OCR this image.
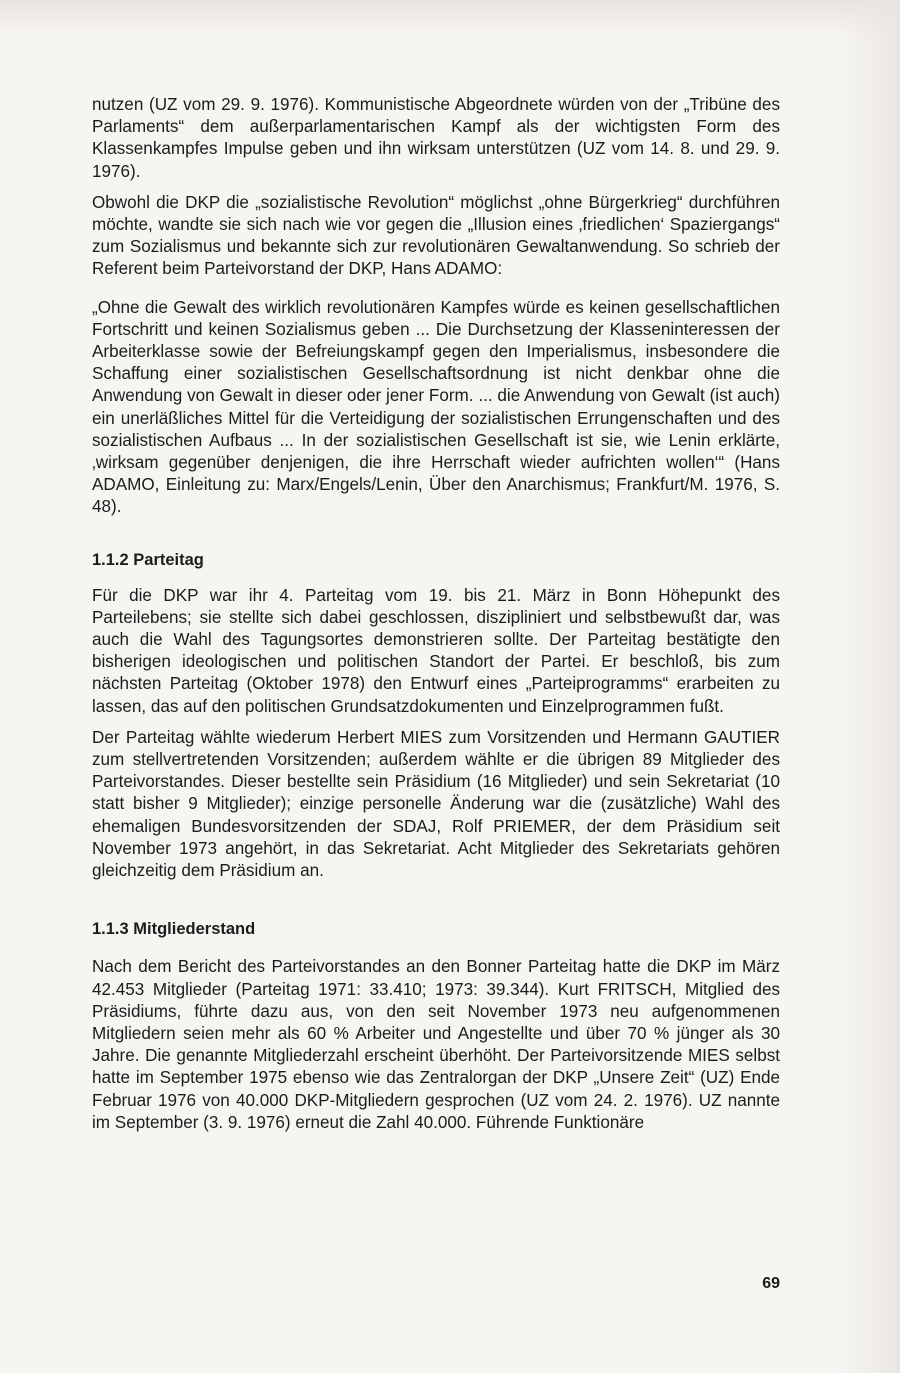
nutzen (UZ vom 29. 9. 1976). Kommunistische Abgeordnete würden von der „Tribüne des Parlaments“ dem außerparlamentarischen Kampf als der wichtigsten Form des Klassenkampfes Impulse geben und ihn wirksam unterstützen (UZ vom 14. 8. und 29. 9. 1976).

Obwohl die DKP die „sozialistische Revolution“ möglichst „ohne Bürgerkrieg“ durchführen möchte, wandte sie sich nach wie vor gegen die „Illusion eines ‚friedlichen‘ Spaziergangs“ zum Sozialismus und bekannte sich zur revolutionären Gewaltanwendung. So schrieb der Referent beim Parteivorstand der DKP, Hans ADAMO:

„Ohne die Gewalt des wirklich revolutionären Kampfes würde es keinen gesellschaftlichen Fortschritt und keinen Sozialismus geben ... Die Durchsetzung der Klasseninteressen der Arbeiterklasse sowie der Befreiungskampf gegen den Imperialismus, insbesondere die Schaffung einer sozialistischen Gesellschaftsordnung ist nicht denkbar ohne die Anwendung von Gewalt in dieser oder jener Form. ... die Anwendung von Gewalt (ist auch) ein unerläßliches Mittel für die Verteidigung der sozialistischen Errungenschaften und des sozialistischen Aufbaus ... In der sozialistischen Gesellschaft ist sie, wie Lenin erklärte, ‚wirksam gegenüber denjenigen, die ihre Herrschaft wieder aufrichten wollen‘“ (Hans ADAMO, Einleitung zu: Marx/Engels/Lenin, Über den Anarchismus; Frankfurt/M. 1976, S. 48).

1.1.2 Parteitag

Für die DKP war ihr 4. Parteitag vom 19. bis 21. März in Bonn Höhepunkt des Parteilebens; sie stellte sich dabei geschlossen, diszipliniert und selbstbewußt dar, was auch die Wahl des Tagungsortes demonstrieren sollte. Der Parteitag bestätigte den bisherigen ideologischen und politischen Standort der Partei. Er beschloß, bis zum nächsten Parteitag (Oktober 1978) den Entwurf eines „Parteiprogramms“ erarbeiten zu lassen, das auf den politischen Grundsatzdokumenten und Einzelprogrammen fußt.

Der Parteitag wählte wiederum Herbert MIES zum Vorsitzenden und Hermann GAUTIER zum stellvertretenden Vorsitzenden; außerdem wählte er die übrigen 89 Mitglieder des Parteivorstandes. Dieser bestellte sein Präsidium (16 Mitglieder) und sein Sekretariat (10 statt bisher 9 Mitglieder); einzige personelle Änderung war die (zusätzliche) Wahl des ehemaligen Bundesvorsitzenden der SDAJ, Rolf PRIEMER, der dem Präsidium seit November 1973 angehört, in das Sekretariat. Acht Mitglieder des Sekretariats gehören gleichzeitig dem Präsidium an.

1.1.3 Mitgliederstand

Nach dem Bericht des Parteivorstandes an den Bonner Parteitag hatte die DKP im März 42.453 Mitglieder (Parteitag 1971: 33.410; 1973: 39.344). Kurt FRITSCH, Mitglied des Präsidiums, führte dazu aus, von den seit November 1973 neu aufgenommenen Mitgliedern seien mehr als 60 % Arbeiter und Angestellte und über 70 % jünger als 30 Jahre. Die genannte Mitgliederzahl erscheint überhöht. Der Parteivorsitzende MIES selbst hatte im September 1975 ebenso wie das Zentralorgan der DKP „Unsere Zeit“ (UZ) Ende Februar 1976 von 40.000 DKP-Mitgliedern gesprochen (UZ vom 24. 2. 1976). UZ nannte im September (3. 9. 1976) erneut die Zahl 40.000. Führende Funktionäre

69
